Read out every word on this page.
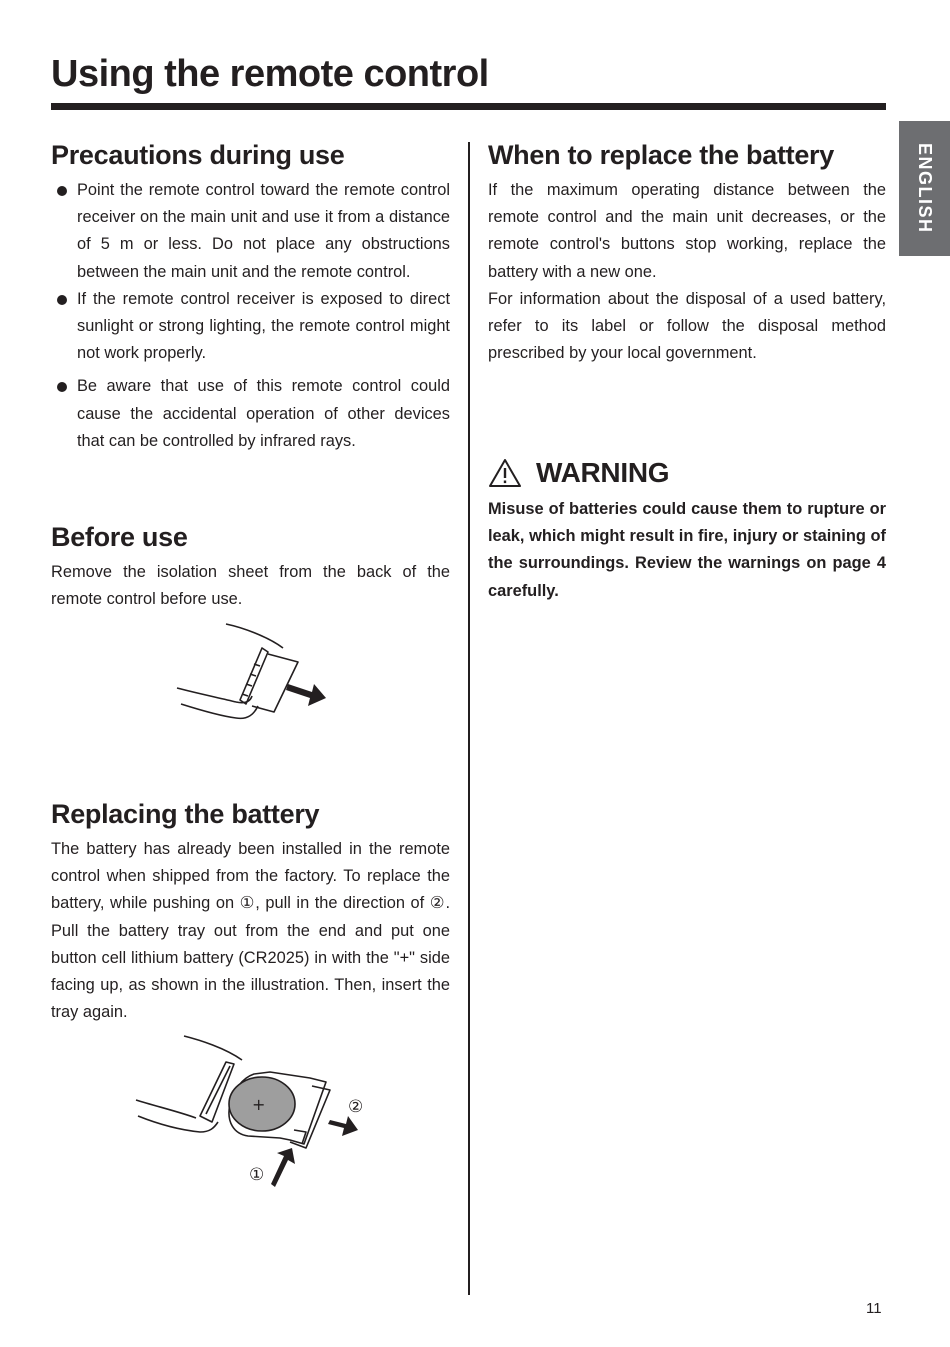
Using the remote control
ENGLISH
Precautions during use
Point the remote control toward the remote control receiver on the main unit and use it from a distance of 5 m or less. Do not place any obstructions between the main unit and the remote control.
If the remote control receiver is exposed to direct sunlight or strong lighting, the remote control might not work properly.
Be aware that use of this remote control could cause the accidental operation of other devices that can be controlled by infrared rays.
Before use

Remove the isolation sheet from the back of the remote control before use.

Replacing the battery

The battery has already been installed in the remote control when shipped from the factory. To replace the battery, while pushing on ①, pull in the direction of ②. Pull the battery tray out from the end and put one button cell lithium battery (CR2025) in with the "+" side facing up, as shown in the illustration. Then, insert the tray again.

+	②
①
When to replace the battery

If the maximum operating distance between the remote control and the main unit decreases, or the remote control's buttons stop working, replace the battery with a new one.

For information about the disposal of a used battery, refer to its label or follow the disposal method prescribed by your local government.

WARNING

Misuse of batteries could cause them to rupture or leak, which might result in fire, injury or staining of the surroundings. Review the warnings on page 4 carefully.

11
